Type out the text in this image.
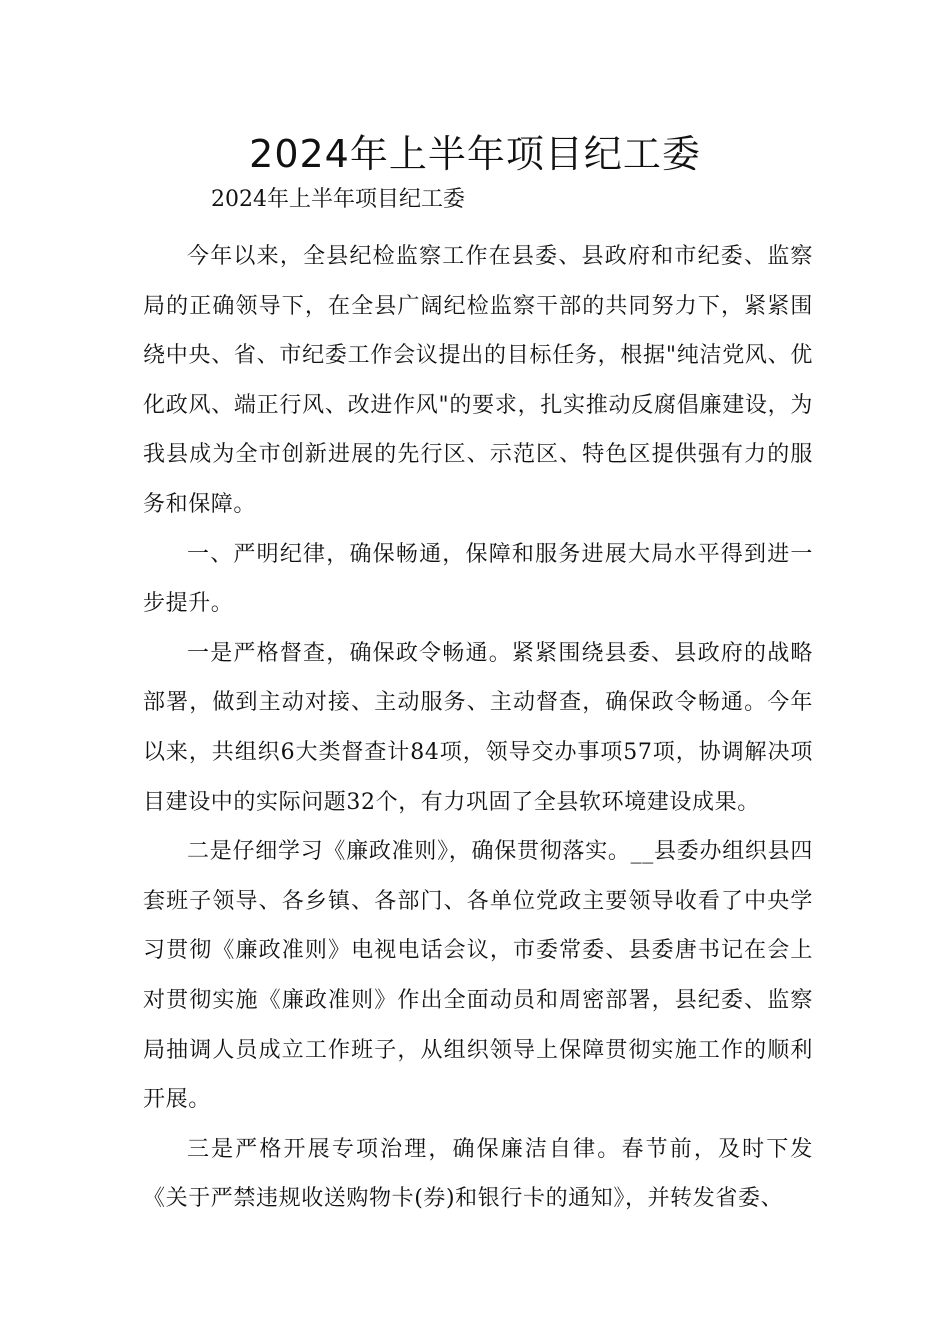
2024年上半年项目纪工委
2024年上半年项目纪工委

今年以来，全县纪检监察工作在县委、县政府和市纪委、监察局的正确领导下，在全县广阔纪检监察干部的共同努力下，紧紧围绕中央、省、市纪委工作会议提出的目标任务，根据"纯洁党风、优化政风、端正行风、改进作风"的要求，扎实推动反腐倡廉建设，为我县成为全市创新进展的先行区、示范区、特色区提供强有力的服务和保障。

一、严明纪律，确保畅通，保障和服务进展大局水平得到进一步提升。

一是严格督查，确保政令畅通。紧紧围绕县委、县政府的战略部署，做到主动对接、主动服务、主动督查，确保政令畅通。今年以来，共组织6大类督查计84项，领导交办事项57项，协调解决项目建设中的实际问题32个，有力巩固了全县软环境建设成果。

二是仔细学习《廉政准则》，确保贯彻落实。__县委办组织县四套班子领导、各乡镇、各部门、各单位党政主要领导收看了中央学习贯彻《廉政准则》电视电话会议，市委常委、县委唐书记在会上对贯彻实施《廉政准则》作出全面动员和周密部署，县纪委、监察局抽调人员成立工作班子，从组织领导上保障贯彻实施工作的顺利开展。

三是严格开展专项治理，确保廉洁自律。春节前，及时下发《关于严禁违规收送购物卡(券)和银行卡的通知》，并转发省委、
